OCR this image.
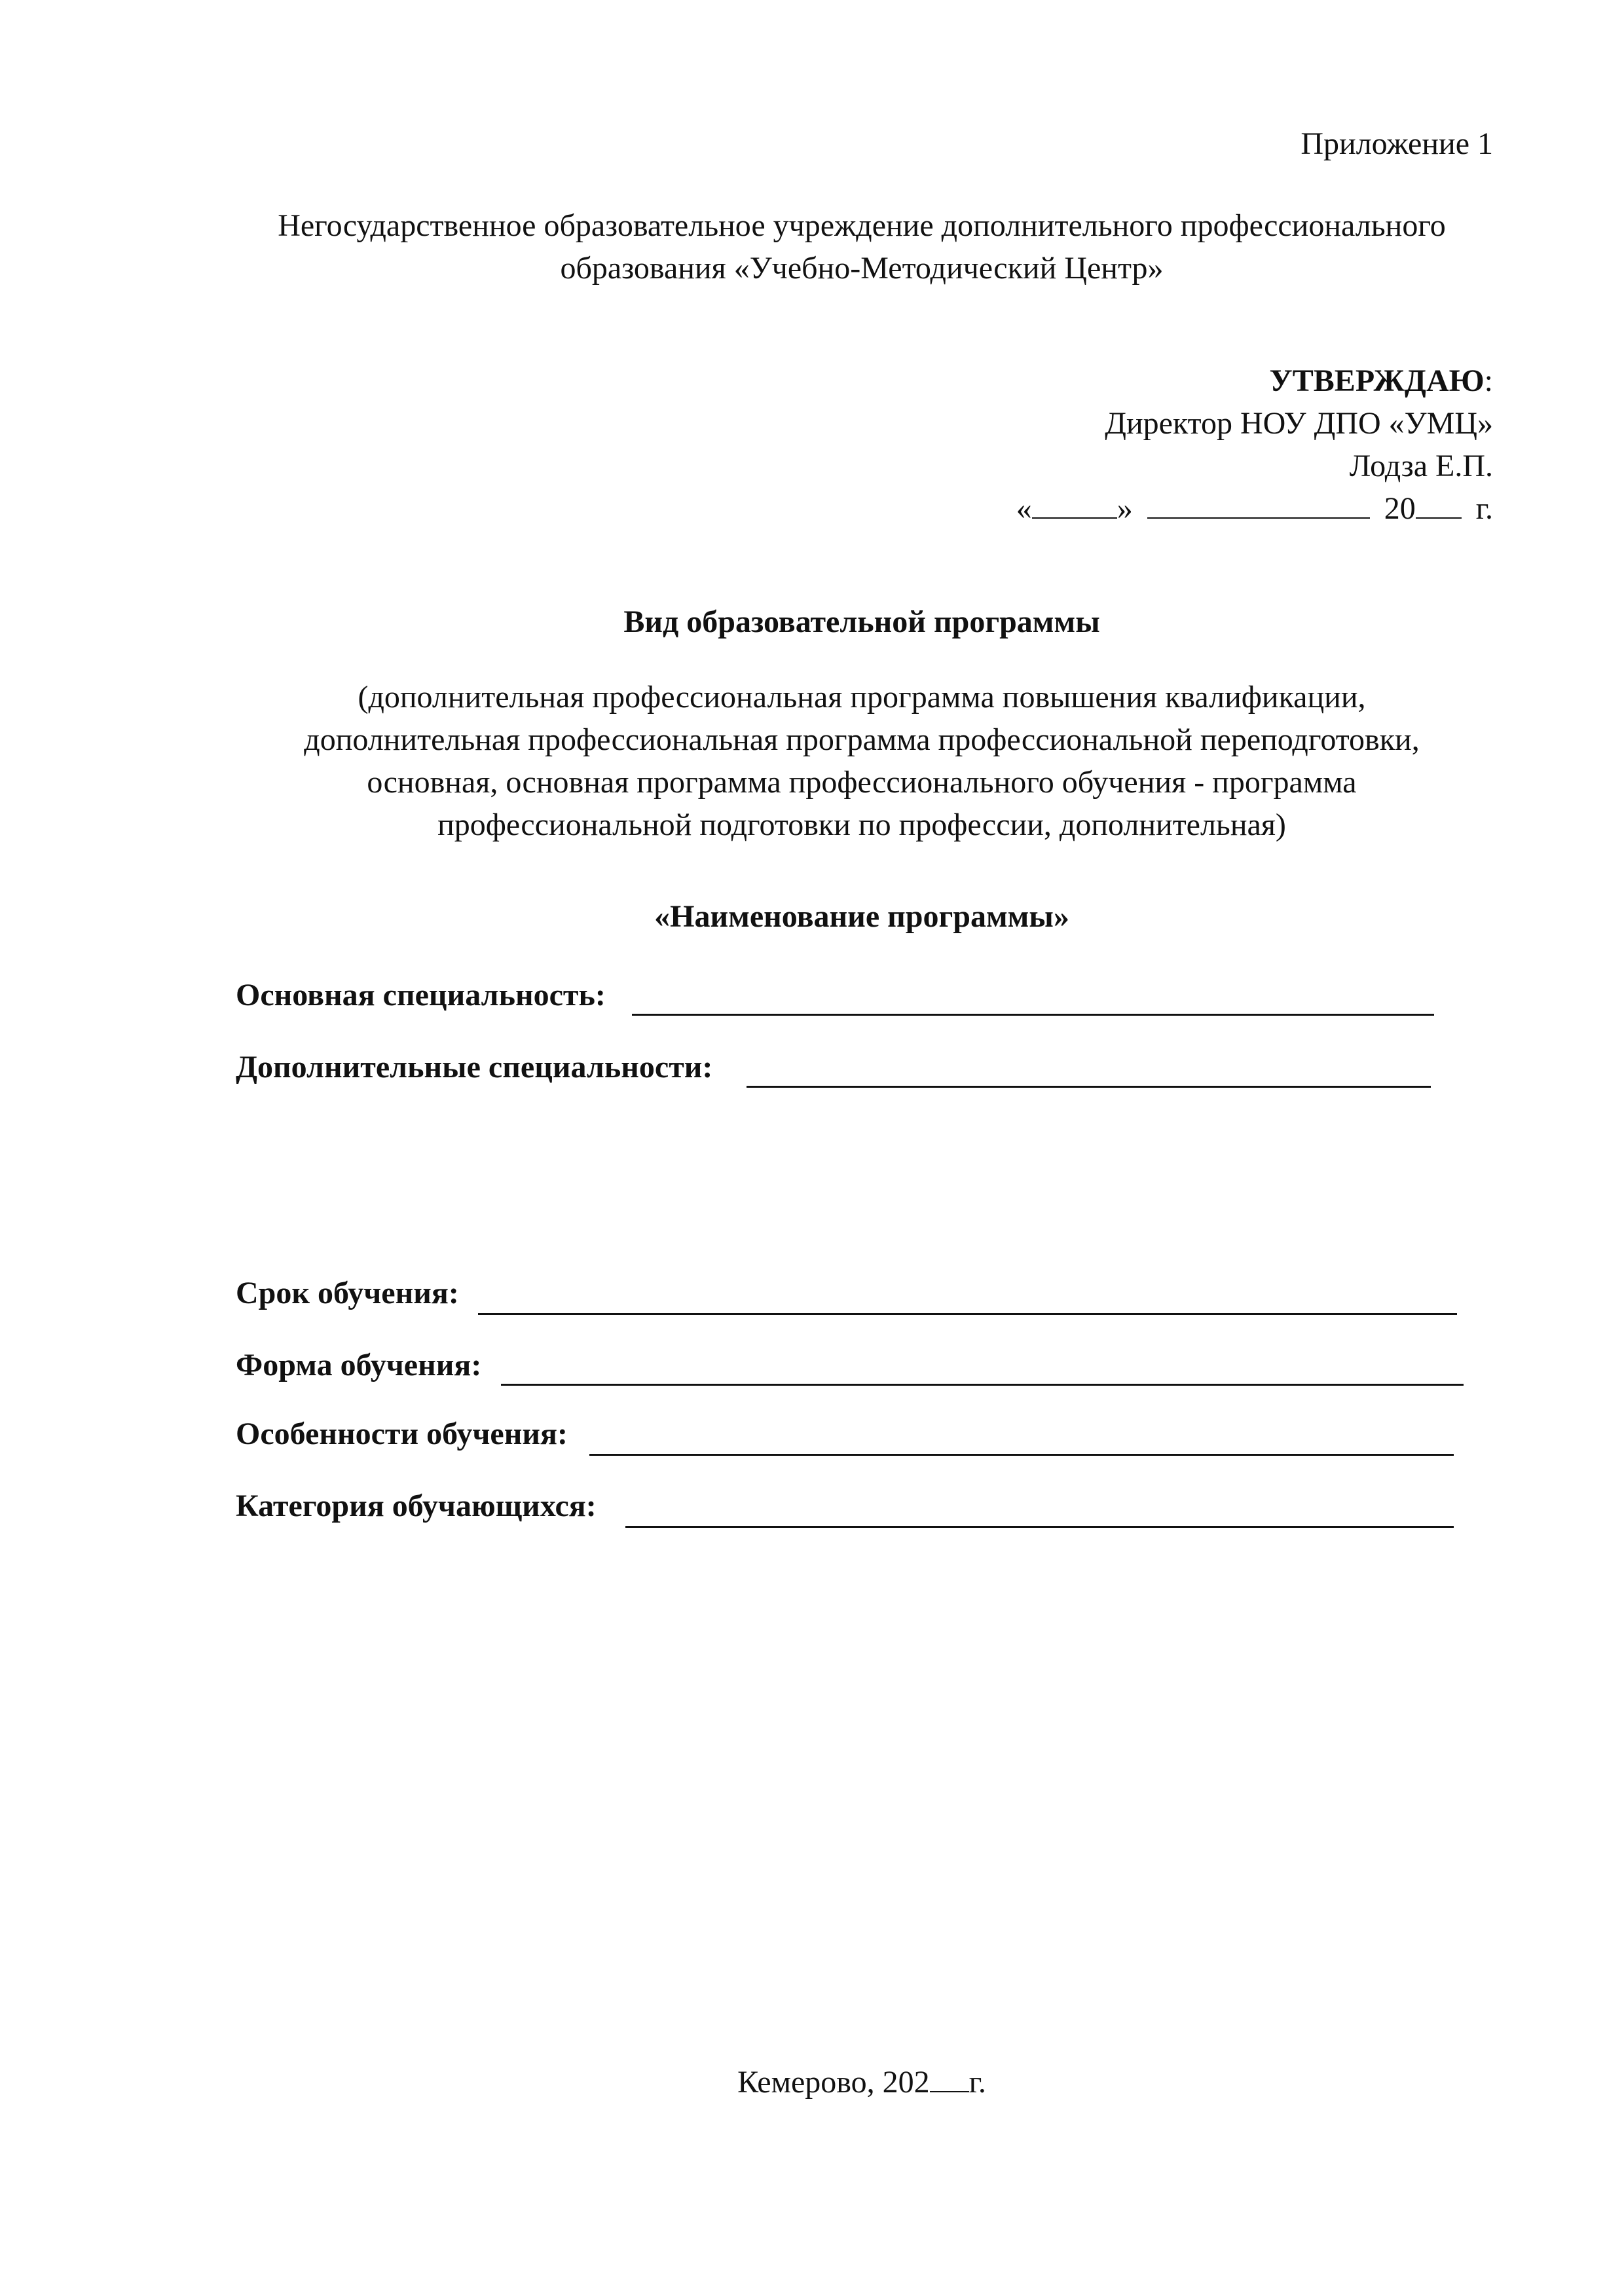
Приложение 1
Негосударственное образовательное учреждение дополнительного профессионального
образования «Учебно-Методический Центр»
УТВЕРЖДАЮ:
Директор НОУ ДПО «УМЦ»
Лодза Е.П.
«	»	20 г.
Вид образовательной программы
(дополнительная профессиональная программа повышения квалификации,
дополнительная профессиональная программа профессиональной переподготовки,
основная, основная программа профессионального обучения - программа
профессиональной подготовки по профессии, дополнительная)
«Наименование программы»
Основная специальность:
Дополнительные специальности:
Срок обучения:
Форма обучения:
Особенности обучения:
Категория обучающихся:
Кемерово, 202 г.
